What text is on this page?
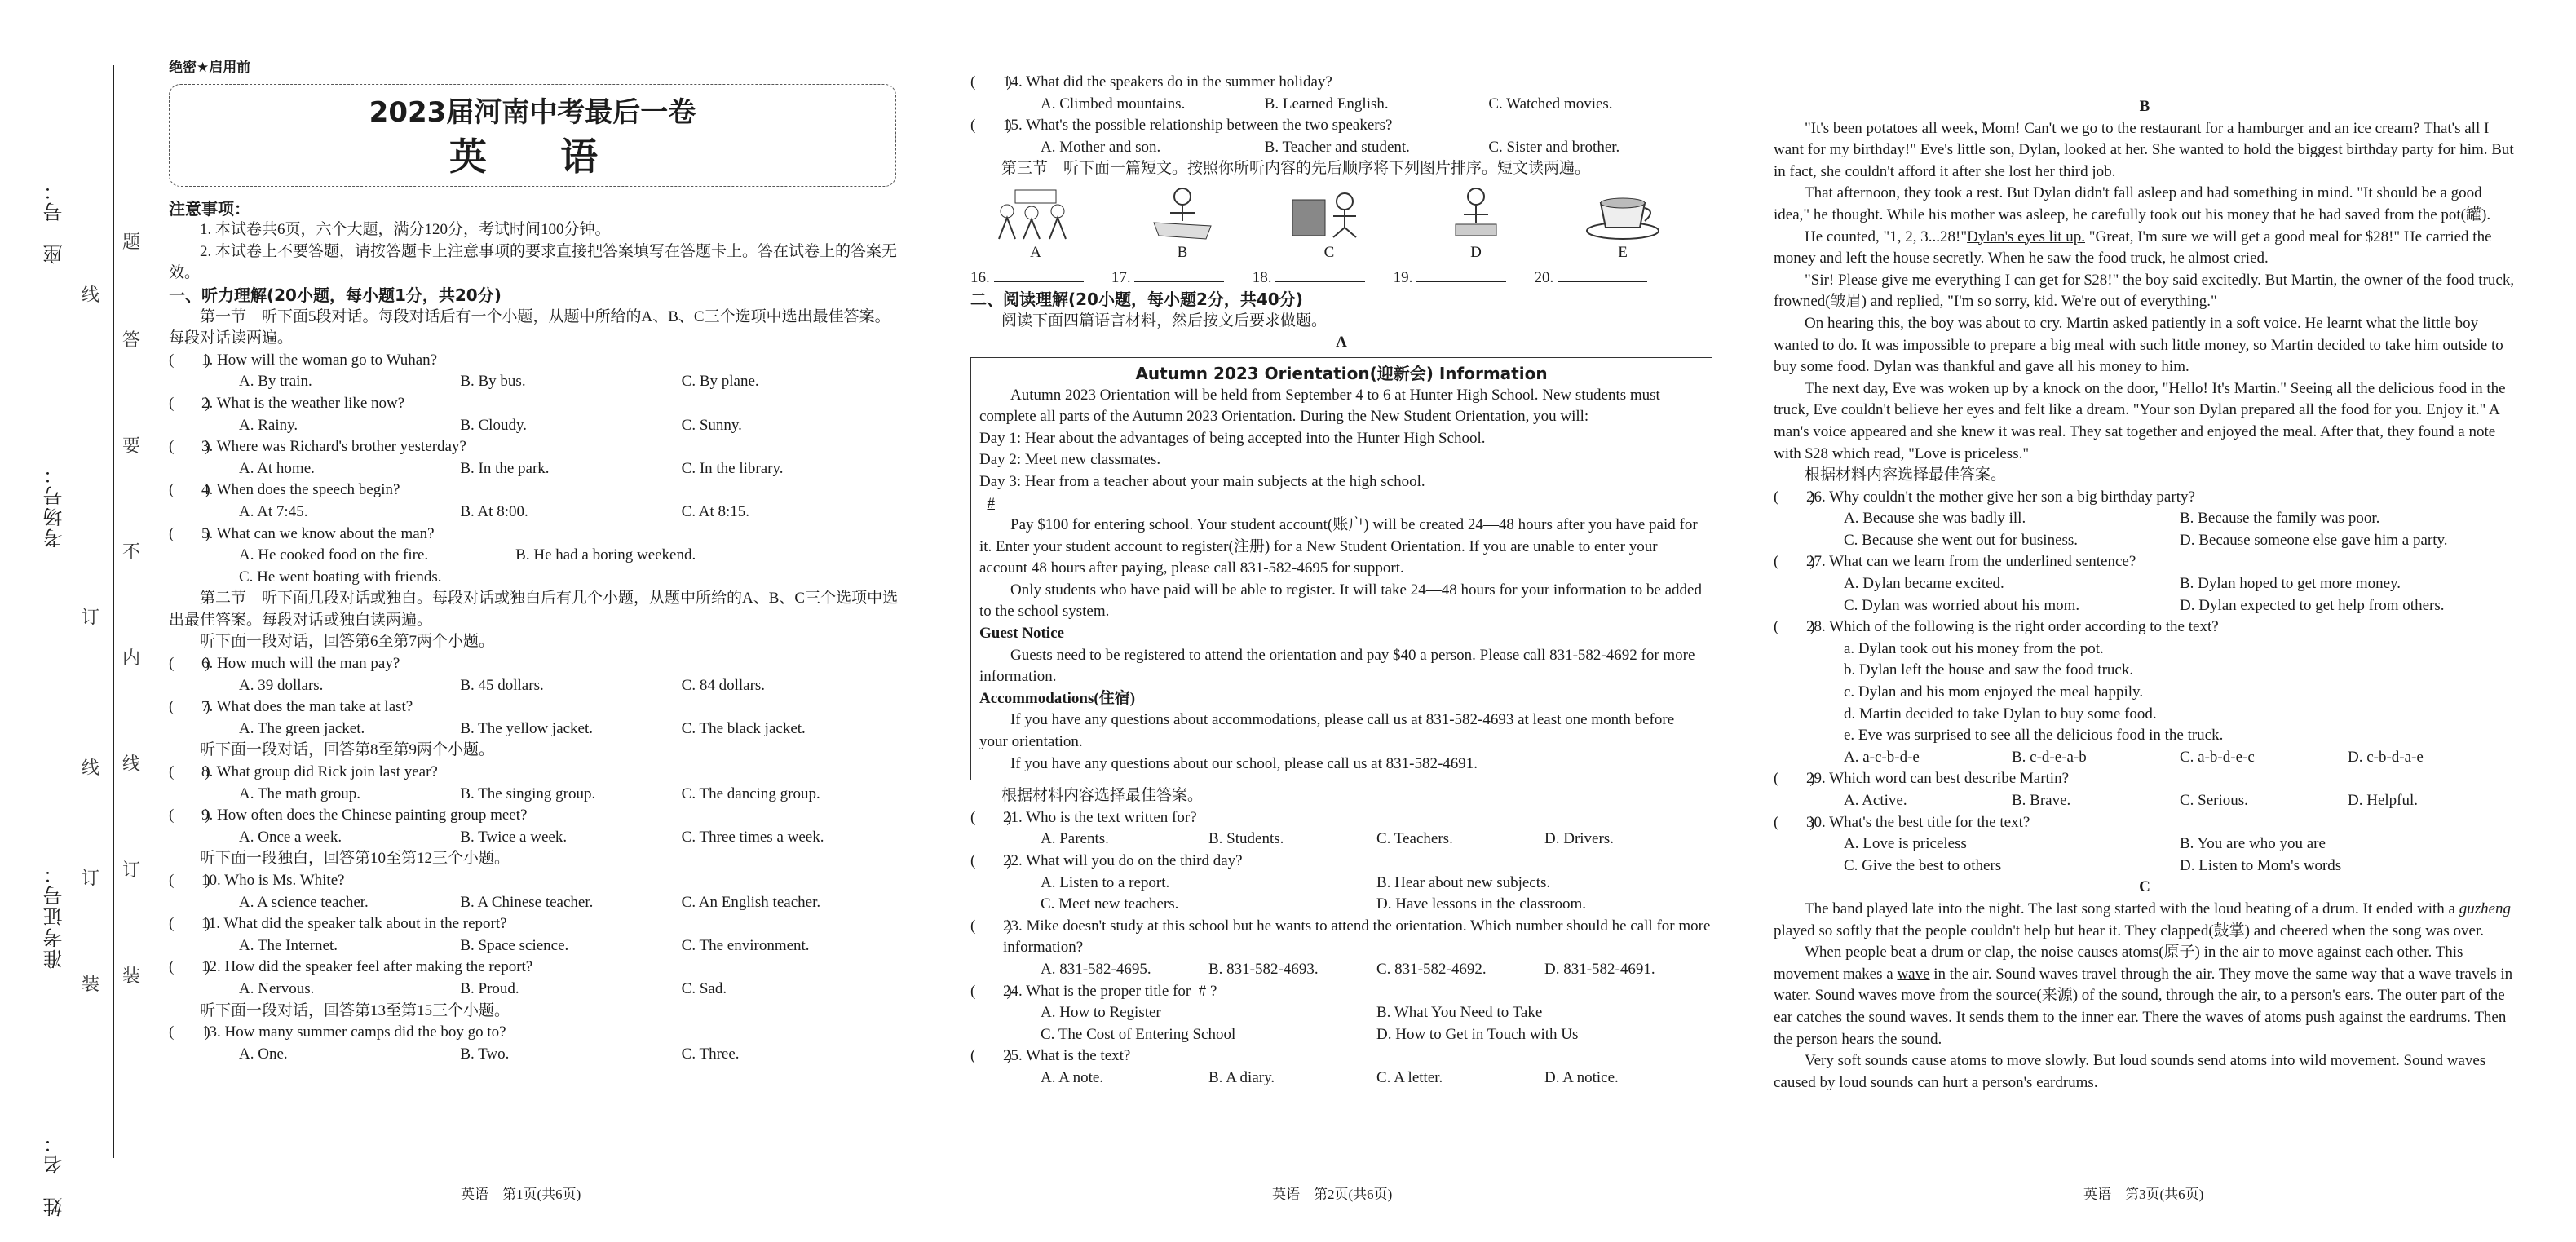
座　号：
考场号：
准考证号：
姓　名：
题
答
要
不
内
线
订
装
线
订
线
订
装
绝密★启用前
2023届河南中考最后一卷
英　语
注意事项：
1. 本试卷共6页，六个大题，满分120分，考试时间100分钟。
2. 本试卷上不要答题，请按答题卡上注意事项的要求直接把答案填写在答题卡上。答在试卷上的答案无效。
一、听力理解(20小题，每小题1分，共20分)
第一节　听下面5段对话。每段对话后有一个小题，从题中所给的A、B、C三个选项中选出最佳答案。每段对话读两遍。
(　　)
1. How will the woman go to Wuhan?
A. By train.	B. By bus.	C. By plane.
(　　)
2. What is the weather like now?
A. Rainy.	B. Cloudy.	C. Sunny.
(　　)
3. Where was Richard's brother yesterday?
A. At home.	B. In the park.	C. In the library.
(　　)
4. When does the speech begin?
A. At 7:45.	B. At 8:00.	C. At 8:15.
(　　)
5. What can we know about the man?
A. He cooked food on the fire.	B. He had a boring weekend.
C. He went boating with friends.
第二节　听下面几段对话或独白。每段对话或独白后有几个小题，从题中所给的A、B、C三个选项中选出最佳答案。每段对话或独白读两遍。
听下面一段对话，回答第6至第7两个小题。
(　　)
6. How much will the man pay?
A. 39 dollars.	B. 45 dollars.	C. 84 dollars.
(　　)
7. What does the man take at last?
A. The green jacket.	B. The yellow jacket.	C. The black jacket.
听下面一段对话，回答第8至第9两个小题。
(　　)
8. What group did Rick join last year?
A. The math group.	B. The singing group.	C. The dancing group.
(　　)
9. How often does the Chinese painting group meet?
A. Once a week.	B. Twice a week.	C. Three times a week.
听下面一段独白，回答第10至第12三个小题。
(　　)
10. Who is Ms. White?
A. A science teacher.	B. A Chinese teacher.	C. An English teacher.
(　　)
11. What did the speaker talk about in the report?
A. The Internet.	B. Space science.	C. The environment.
(　　)
12. How did the speaker feel after making the report?
A. Nervous.	B. Proud.	C. Sad.
听下面一段对话，回答第13至第15三个小题。
(　　)
13. How many summer camps did the boy go to?
A. One.	B. Two.	C. Three.
英语　第1页(共6页)
(　　)
14. What did the speakers do in the summer holiday?
A. Climbed mountains.	B. Learned English.	C. Watched movies.
(　　)
15. What's the possible relationship between the two speakers?
A. Mother and son.	B. Teacher and student.	C. Sister and brother.
第三节　听下面一篇短文。按照你所听内容的先后顺序将下列图片排序。短文读两遍。
A	B	C	D	E
16.	17.	18.	19.	20.
二、阅读理解(20小题，每小题2分，共40分)
阅读下面四篇语言材料，然后按文后要求做题。
A
Autumn 2023 Orientation(迎新会) Information
Autumn 2023 Orientation will be held from September 4 to 6 at Hunter High School. New students must complete all parts of the Autumn 2023 Orientation. During the New Student Orientation, you will:
Day 1: Hear about the advantages of being accepted into the Hunter High School.
Day 2: Meet new classmates.
Day 3: Hear from a teacher about your main subjects at the high school.
#
Pay $100 for entering school. Your student account(账户) will be created 24—48 hours after you have paid for it. Enter your student account to register(注册) for a New Student Orientation. If you are unable to enter your account 48 hours after paying, please call 831-582-4695 for support.
Only students who have paid will be able to register. It will take 24—48 hours for your information to be added to the school system.
Guest Notice
Guests need to be registered to attend the orientation and pay $40 a person. Please call 831-582-4692 for more information.
Accommodations(住宿)
If you have any questions about accommodations, please call us at 831-582-4693 at least one month before your orientation.
If you have any questions about our school, please call us at 831-582-4691.
根据材料内容选择最佳答案。
(　　)
21. Who is the text written for?
A. Parents.	B. Students.	C. Teachers.	D. Drivers.
(　　)
22. What will you do on the third day?
A. Listen to a report.	B. Hear about new subjects.
C. Meet new teachers.	D. Have lessons in the classroom.
(　　)
23. Mike doesn't study at this school but he wants to attend the orientation. Which number should he call for more information?
A. 831-582-4695.	B. 831-582-4693.	C. 831-582-4692.	D. 831-582-4691.
(　　)
24. What is the proper title for # ?
A. How to Register	B. What You Need to Take
C. The Cost of Entering School	D. How to Get in Touch with Us
(　　)
25. What is the text?
A. A note.	B. A diary.	C. A letter.	D. A notice.
英语　第2页(共6页)
B
"It's been potatoes all week, Mom! Can't we go to the restaurant for a hamburger and an ice cream? That's all I want for my birthday!" Eve's little son, Dylan, looked at her. She wanted to hold the biggest birthday party for him. But in fact, she couldn't afford it after she lost her third job.
That afternoon, they took a rest. But Dylan didn't fall asleep and had something in mind. "It should be a good idea," he thought. While his mother was asleep, he carefully took out his money that he had saved from the pot(罐).
He counted, "1, 2, 3...28!"Dylan's eyes lit up. "Great, I'm sure we will get a good meal for $28!" He carried the money and left the house secretly. When he saw the food truck, he almost cried.
"Sir! Please give me everything I can get for $28!" the boy said excitedly. But Martin, the owner of the food truck, frowned(皱眉) and replied, "I'm so sorry, kid. We're out of everything."
On hearing this, the boy was about to cry. Martin asked patiently in a soft voice. He learnt what the little boy wanted to do. It was impossible to prepare a big meal with such little money, so Martin decided to take him outside to buy some food. Dylan was thankful and gave all his money to him.
The next day, Eve was woken up by a knock on the door, "Hello! It's Martin." Seeing all the delicious food in the truck, Eve couldn't believe her eyes and felt like a dream. "Your son Dylan prepared all the food for you. Enjoy it." A man's voice appeared and she knew it was real. They sat together and enjoyed the meal. After that, they found a note with $28 which read, "Love is priceless."
根据材料内容选择最佳答案。
(　　)
26. Why couldn't the mother give her son a big birthday party?
A. Because she was badly ill.	B. Because the family was poor.
C. Because she went out for business.	D. Because someone else gave him a party.
(　　)
27. What can we learn from the underlined sentence?
A. Dylan became excited.	B. Dylan hoped to get more money.
C. Dylan was worried about his mom.	D. Dylan expected to get help from others.
(　　)
28. Which of the following is the right order according to the text?
a. Dylan took out his money from the pot.
b. Dylan left the house and saw the food truck.
c. Dylan and his mom enjoyed the meal happily.
d. Martin decided to take Dylan to buy some food.
e. Eve was surprised to see all the delicious food in the truck.
A. a-c-b-d-e	B. c-d-e-a-b	C. a-b-d-e-c	D. c-b-d-a-e
(　　)
29. Which word can best describe Martin?
A. Active.	B. Brave.	C. Serious.	D. Helpful.
(　　)
30. What's the best title for the text?
A. Love is priceless	B. You are who you are
C. Give the best to others	D. Listen to Mom's words
C
The band played late into the night. The last song started with the loud beating of a drum. It ended with a guzheng played so softly that the people couldn't help but hear it. They clapped(鼓掌) and cheered when the song was over.
When people beat a drum or clap, the noise causes atoms(原子) in the air to move against each other. This movement makes a wave in the air. Sound waves travel through the air. They move the same way that a wave travels in water. Sound waves move from the source(来源) of the sound, through the air, to a person's ears. The outer part of the ear catches the sound waves. It sends them to the inner ear. There the waves of atoms push against the eardrums. Then the person hears the sound.
Very soft sounds cause atoms to move slowly. But loud sounds send atoms into wild movement. Sound waves caused by loud sounds can hurt a person's eardrums.
英语　第3页(共6页)
